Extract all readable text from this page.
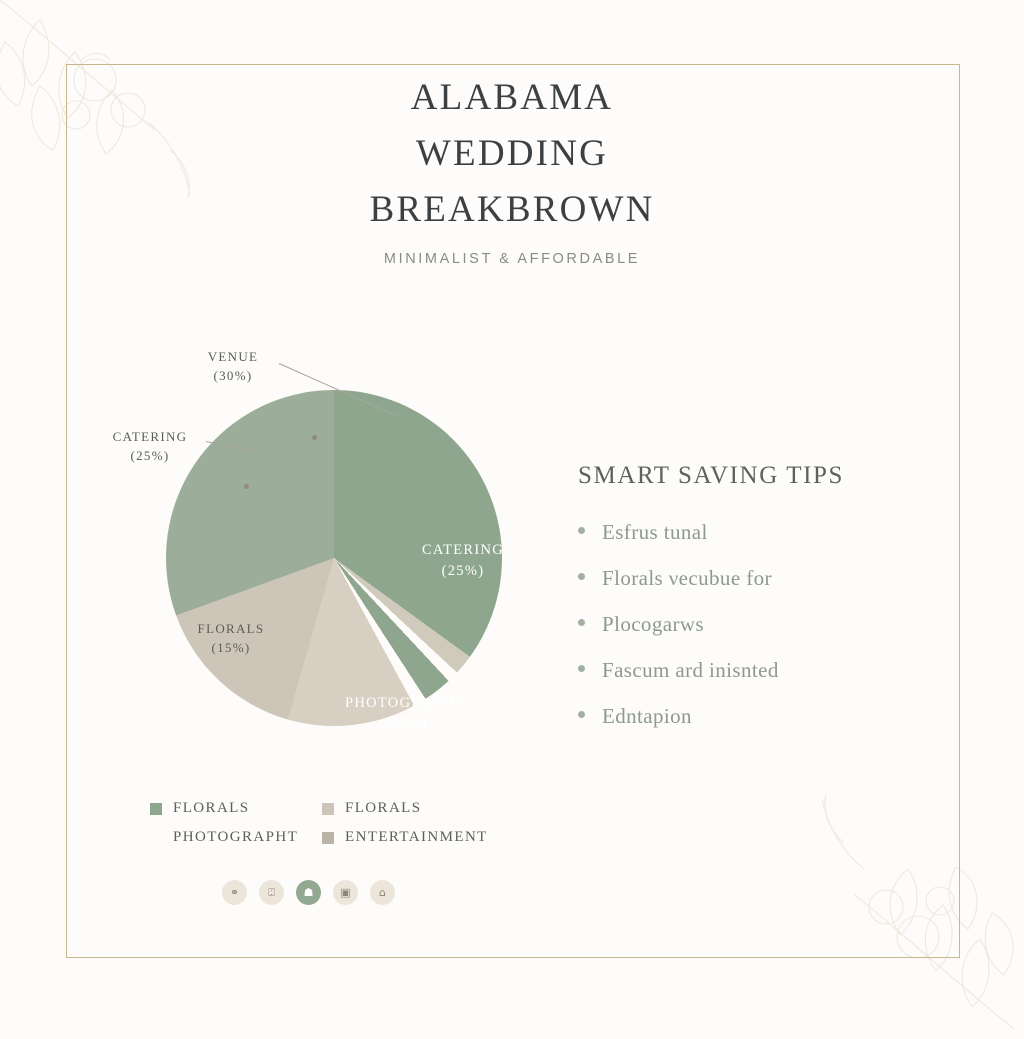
ALABAMA
WEDDING
BREAKBROWN
MINIMALIST & AFFORDABLE
CATERING
(25%)
PHOTOGRAPHY
(15%)
FLORALS
(15%)
VENUE
(30%)
CATERING
(25%)
FLORALS	FLORALS
PHOTOGRAPHT	ENTERTAINMENT
⚭	⍠	☗ ▣	⌂
SMART SAVING TIPS
Esfrus tunal
Florals νecubue for
Plocogarws
Fascum ard inisnted
Edntapion
